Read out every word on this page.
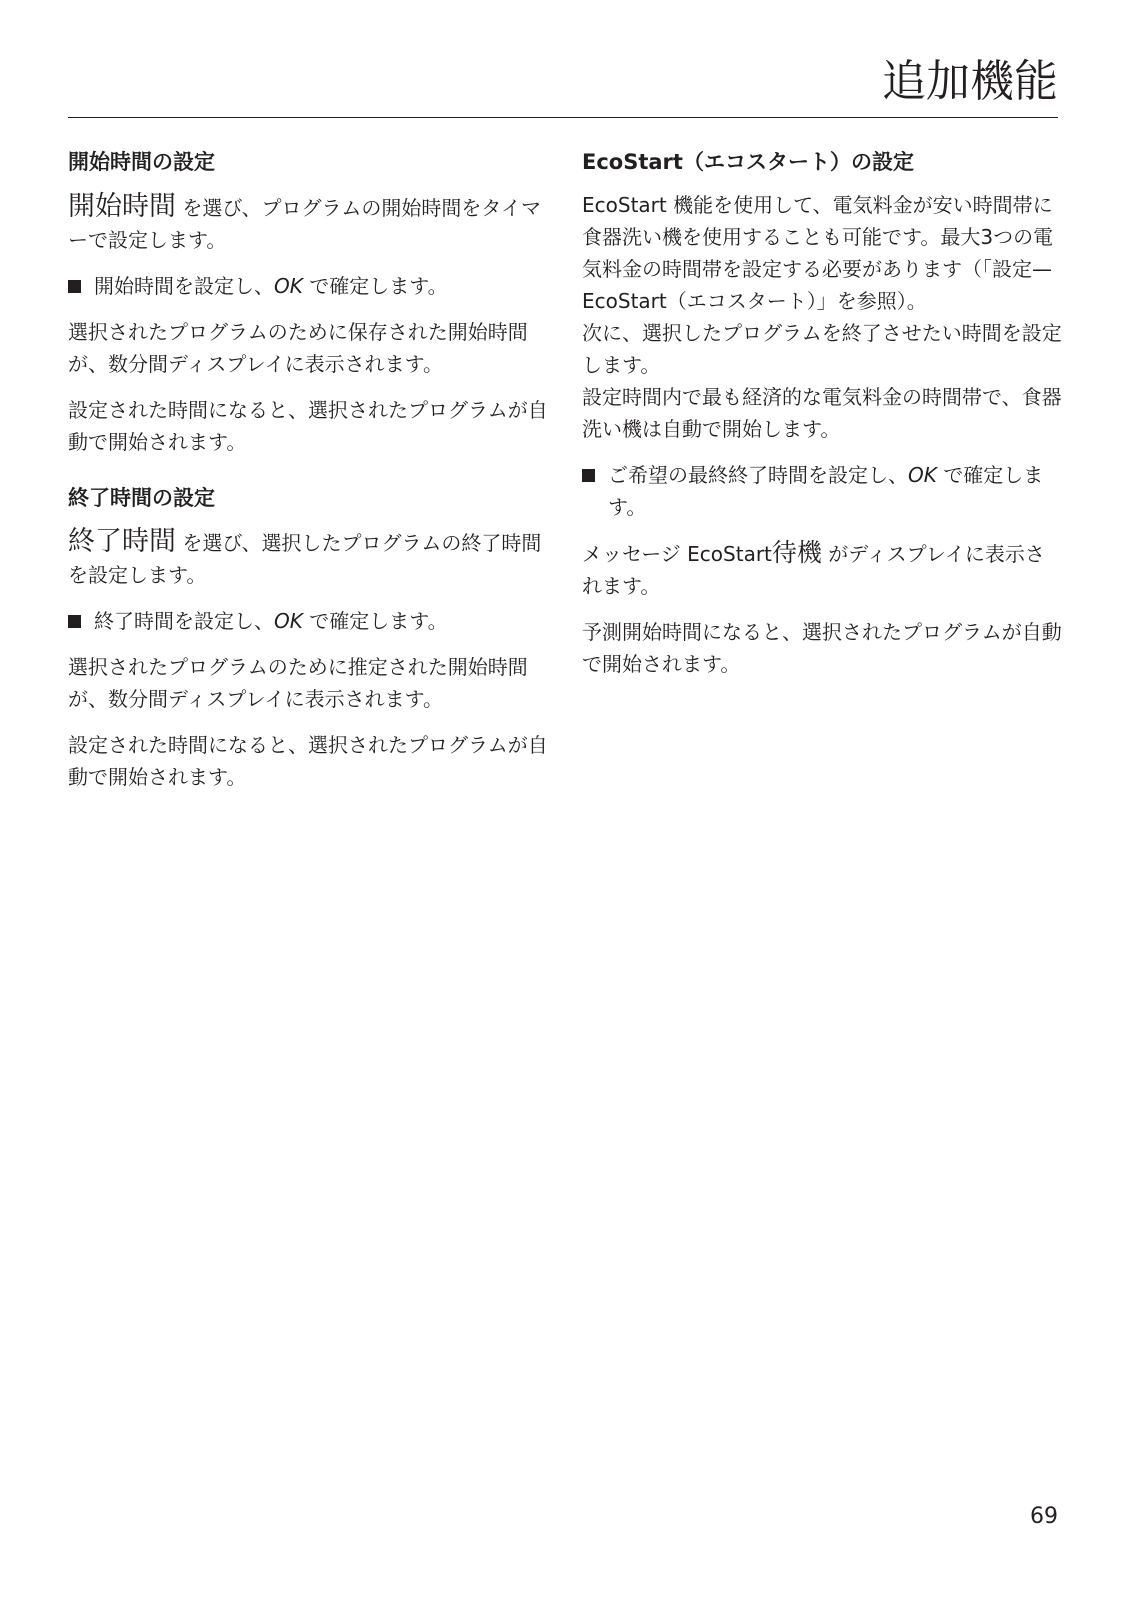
追加機能
開始時間の設定

開始時間 を選び、プログラムの開始時間をタイマーで設定します。

開始時間を設定し、OK で確定します。

選択されたプログラムのために保存された開始時間が、数分間ディスプレイに表示されます。

設定された時間になると、選択されたプログラムが自動で開始されます。

終了時間の設定

終了時間 を選び、選択したプログラムの終了時間を設定します。

終了時間を設定し、OK で確定します。

選択されたプログラムのために推定された開始時間が、数分間ディスプレイに表示されます。

設定された時間になると、選択されたプログラムが自動で開始されます。

EcoStart（エコスタート）の設定

EcoStart 機能を使用して、電気料金が安い時間帯に食器洗い機を使用することも可能です。最大3つの電気料金の時間帯を設定する必要があります（「設定—EcoStart（エコスタート）」を参照）。

次に、選択したプログラムを終了させたい時間を設定します。

設定時間内で最も経済的な電気料金の時間帯で、食器洗い機は自動で開始します。

ご希望の最終終了時間を設定し、OK で確定します。

メッセージ EcoStart待機 がディスプレイに表示されます。

予測開始時間になると、選択されたプログラムが自動で開始されます。

69
